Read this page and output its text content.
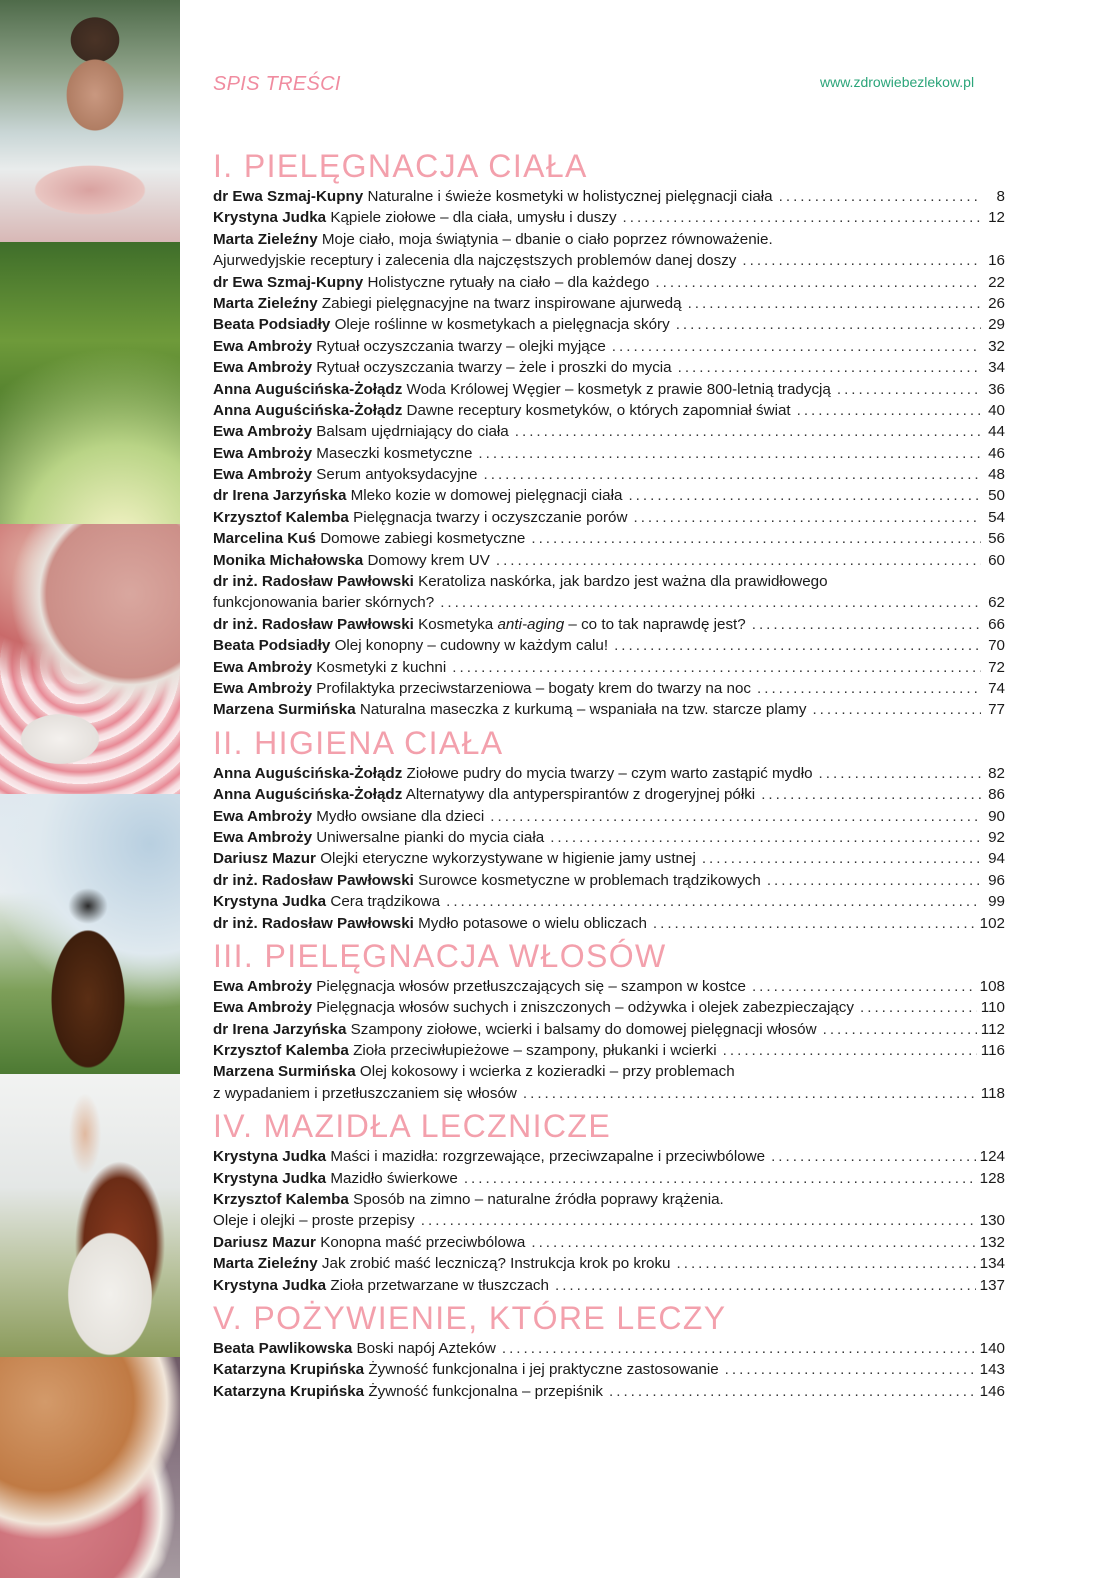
SPIS TREŚCI	www.zdrowiebezlekow.pl
I. PIELĘGNACJA CIAŁA
dr Ewa Szmaj-Kupny Naturalne i świeże kosmetyki w holistycznej pielęgnacji ciała .....	8
Krystyna Judka Kąpiele ziołowe – dla ciała, umysłu i duszy .....	12
Marta Zieleźny Moje ciało, moja świątynia – dbanie o ciało poprzez równoważenie.
Ajurwedyjskie receptury i zalecenia dla najczęstszych problemów danej doszy .....	16
dr Ewa Szmaj-Kupny Holistyczne rytuały na ciało – dla każdego .....	22
Marta Zieleźny Zabiegi pielęgnacyjne na twarz inspirowane ajurwedą .....	26
Beata Podsiadły Oleje roślinne w kosmetykach a pielęgnacja skóry .....	29
Ewa Ambroży Rytuał oczyszczania twarzy – olejki myjące .....	32
Ewa Ambroży Rytuał oczyszczania twarzy – żele i proszki do mycia .....	34
Anna Auguścińska-Żołądz Woda Królowej Węgier – kosmetyk z prawie 800-letnią tradycją .....	36
Anna Auguścińska-Żołądz Dawne receptury kosmetyków, o których zapomniał świat .....	40
Ewa Ambroży Balsam ujędrniający do ciała .....	44
Ewa Ambroży Maseczki kosmetyczne .....	46
Ewa Ambroży Serum antyoksydacyjne .....	48
dr Irena Jarzyńska Mleko kozie w domowej pielęgnacji ciała .....	50
Krzysztof Kalemba Pielęgnacja twarzy i oczyszczanie porów .....	54
Marcelina Kuś Domowe zabiegi kosmetyczne .....	56
Monika Michałowska Domowy krem UV .....	60
dr inż. Radosław Pawłowski Keratoliza naskórka, jak bardzo jest ważna dla prawidłowego
funkcjonowania barier skórnych? .....	62
dr inż. Radosław Pawłowski Kosmetyka anti-aging – co to tak naprawdę jest? .....	66
Beata Podsiadły Olej konopny – cudowny w każdym calu! .....	70
Ewa Ambroży Kosmetyki z kuchni .....	72
Ewa Ambroży Profilaktyka przeciwstarzeniowa – bogaty krem do twarzy na noc .....	74
Marzena Surmińska Naturalna maseczka z kurkumą – wspaniała na tzw. starcze plamy .....	77
II. HIGIENA CIAŁA
Anna Auguścińska-Żołądz Ziołowe pudry do mycia twarzy – czym warto zastąpić mydło .....	82
Anna Auguścińska-Żołądz Alternatywy dla antyperspirantów z drogeryjnej półki .....	86
Ewa Ambroży Mydło owsiane dla dzieci .....	90
Ewa Ambroży Uniwersalne pianki do mycia ciała .....	92
Dariusz Mazur Olejki eteryczne wykorzystywane w higienie jamy ustnej .....	94
dr inż. Radosław Pawłowski Surowce kosmetyczne w problemach trądzikowych .....	96
Krystyna Judka Cera trądzikowa .....	99
dr inż. Radosław Pawłowski Mydło potasowe o wielu obliczach .....	102
III. PIELĘGNACJA WŁOSÓW
Ewa Ambroży Pielęgnacja włosów przetłuszczających się – szampon w kostce .....	108
Ewa Ambroży Pielęgnacja włosów suchych i zniszczonych – odżywka i olejek zabezpieczający .....	110
dr Irena Jarzyńska Szampony ziołowe, wcierki i balsamy do domowej pielęgnacji włosów .....	112
Krzysztof Kalemba Zioła przeciwłupieżowe – szampony, płukanki i wcierki .....	116
Marzena Surmińska Olej kokosowy i wcierka z kozieradki – przy problemach
z wypadaniem i przetłuszczaniem się włosów .....	118
IV. MAZIDŁA LECZNICZE
Krystyna Judka Maści i mazidła: rozgrzewające, przeciwzapalne i przeciwbólowe .....	124
Krystyna Judka Mazidło świerkowe .....	128
Krzysztof Kalemba Sposób na zimno – naturalne źródła poprawy krążenia.
Oleje i olejki – proste przepisy .....	130
Dariusz Mazur Konopna maść przeciwbólowa .....	132
Marta Zieleźny Jak zrobić maść leczniczą? Instrukcja krok po kroku .....	134
Krystyna Judka Zioła przetwarzane w tłuszczach .....	137
V. POŻYWIENIE, KTÓRE LECZY
Beata Pawlikowska Boski napój Azteków .....	140
Katarzyna Krupińska Żywność funkcjonalna i jej praktyczne zastosowanie .....	143
Katarzyna Krupińska Żywność funkcjonalna – przepiśnik .....	146
